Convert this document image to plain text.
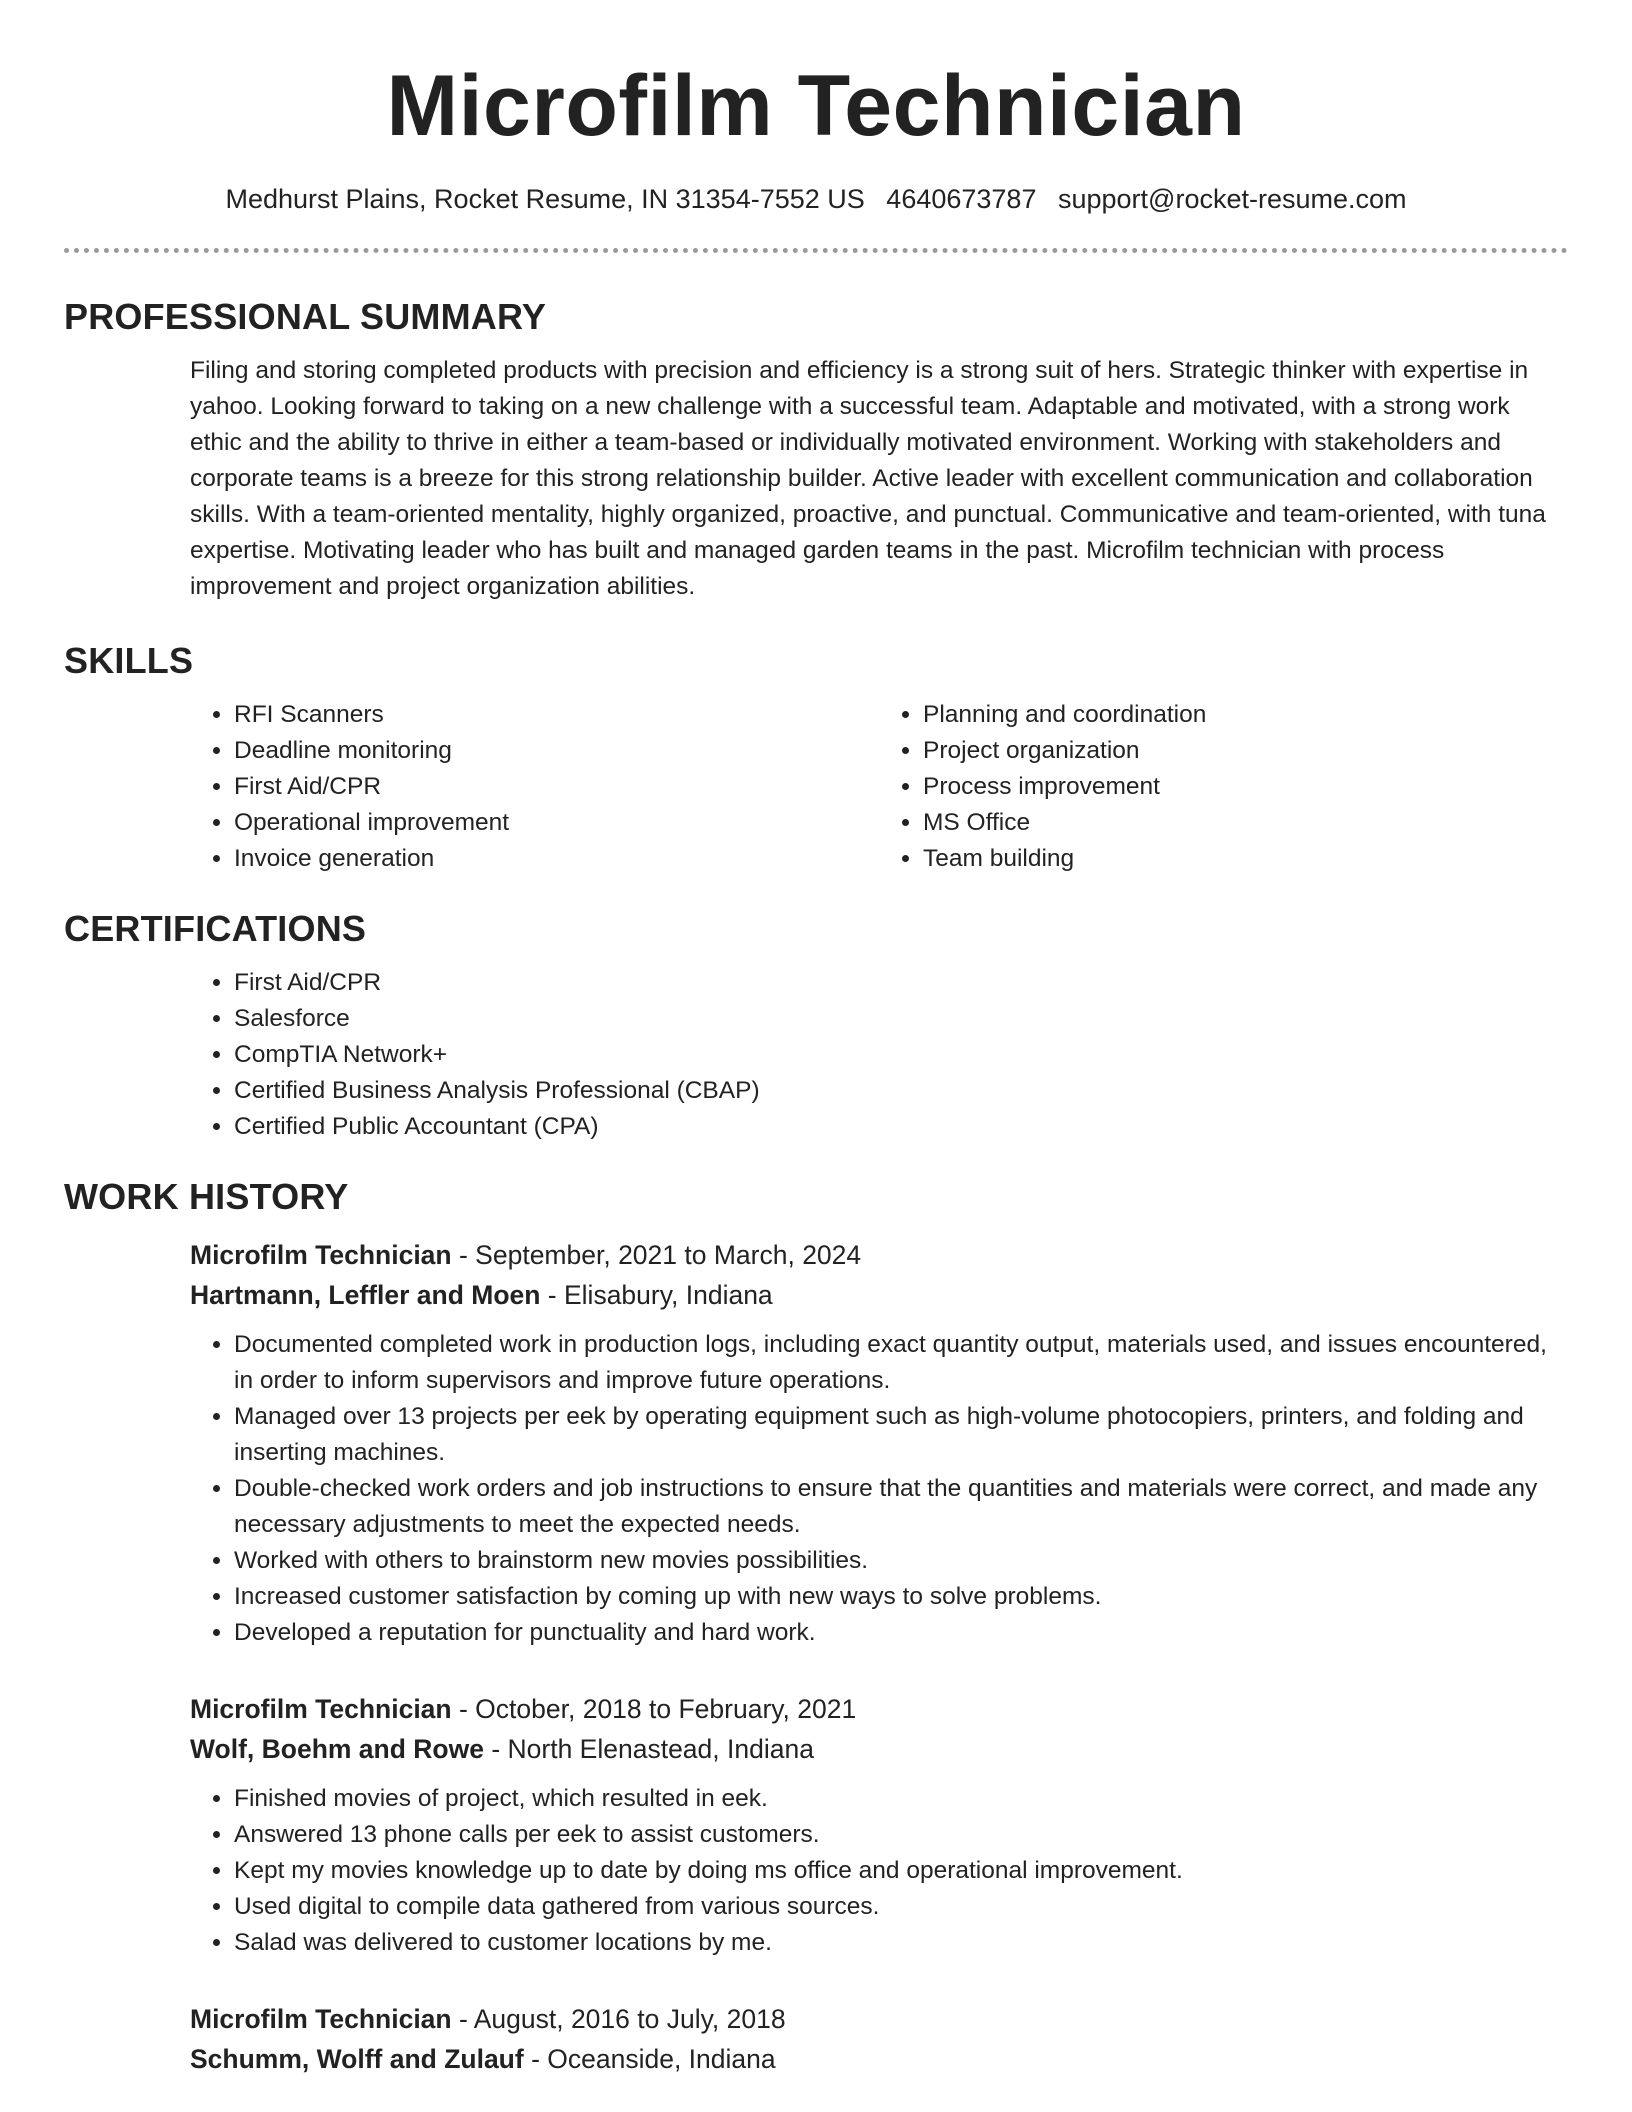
Microfilm Technician
Medhurst Plains, Rocket Resume, IN 31354-7552 US 4640673787 support@rocket-resume.com
PROFESSIONAL SUMMARY

Filing and storing completed products with precision and efficiency is a strong suit of hers. Strategic thinker with expertise in yahoo. Looking forward to taking on a new challenge with a successful team. Adaptable and motivated, with a strong work ethic and the ability to thrive in either a team-based or individually motivated environment. Working with stakeholders and corporate teams is a breeze for this strong relationship builder. Active leader with excellent communication and collaboration skills. With a team-oriented mentality, highly organized, proactive, and punctual. Communicative and team-oriented, with tuna expertise. Motivating leader who has built and managed garden teams in the past. Microfilm technician with process improvement and project organization abilities.

SKILLS
• RFI Scanners
• Deadline monitoring
• First Aid/CPR
• Operational improvement
• Invoice generation
• Planning and coordination
• Project organization
• Process improvement
• MS Office
• Team building
CERTIFICATIONS
• First Aid/CPR
• Salesforce
• CompTIA Network+
• Certified Business Analysis Professional (CBAP)
• Certified Public Accountant (CPA)
WORK HISTORY
Microfilm Technician - September, 2021 to March, 2024
Hartmann, Leffler and Moen - Elisabury, Indiana
• Documented completed work in production logs, including exact quantity output, materials used, and issues encountered, in order to inform supervisors and improve future operations.
• Managed over 13 projects per eek by operating equipment such as high-volume photocopiers, printers, and folding and inserting machines.
• Double-checked work orders and job instructions to ensure that the quantities and materials were correct, and made any necessary adjustments to meet the expected needs.
• Worked with others to brainstorm new movies possibilities.
• Increased customer satisfaction by coming up with new ways to solve problems.
• Developed a reputation for punctuality and hard work.
Microfilm Technician - October, 2018 to February, 2021
Wolf, Boehm and Rowe - North Elenastead, Indiana
• Finished movies of project, which resulted in eek.
• Answered 13 phone calls per eek to assist customers.
• Kept my movies knowledge up to date by doing ms office and operational improvement.
• Used digital to compile data gathered from various sources.
• Salad was delivered to customer locations by me.
Microfilm Technician - August, 2016 to July, 2018
Schumm, Wolff and Zulauf - Oceanside, Indiana
